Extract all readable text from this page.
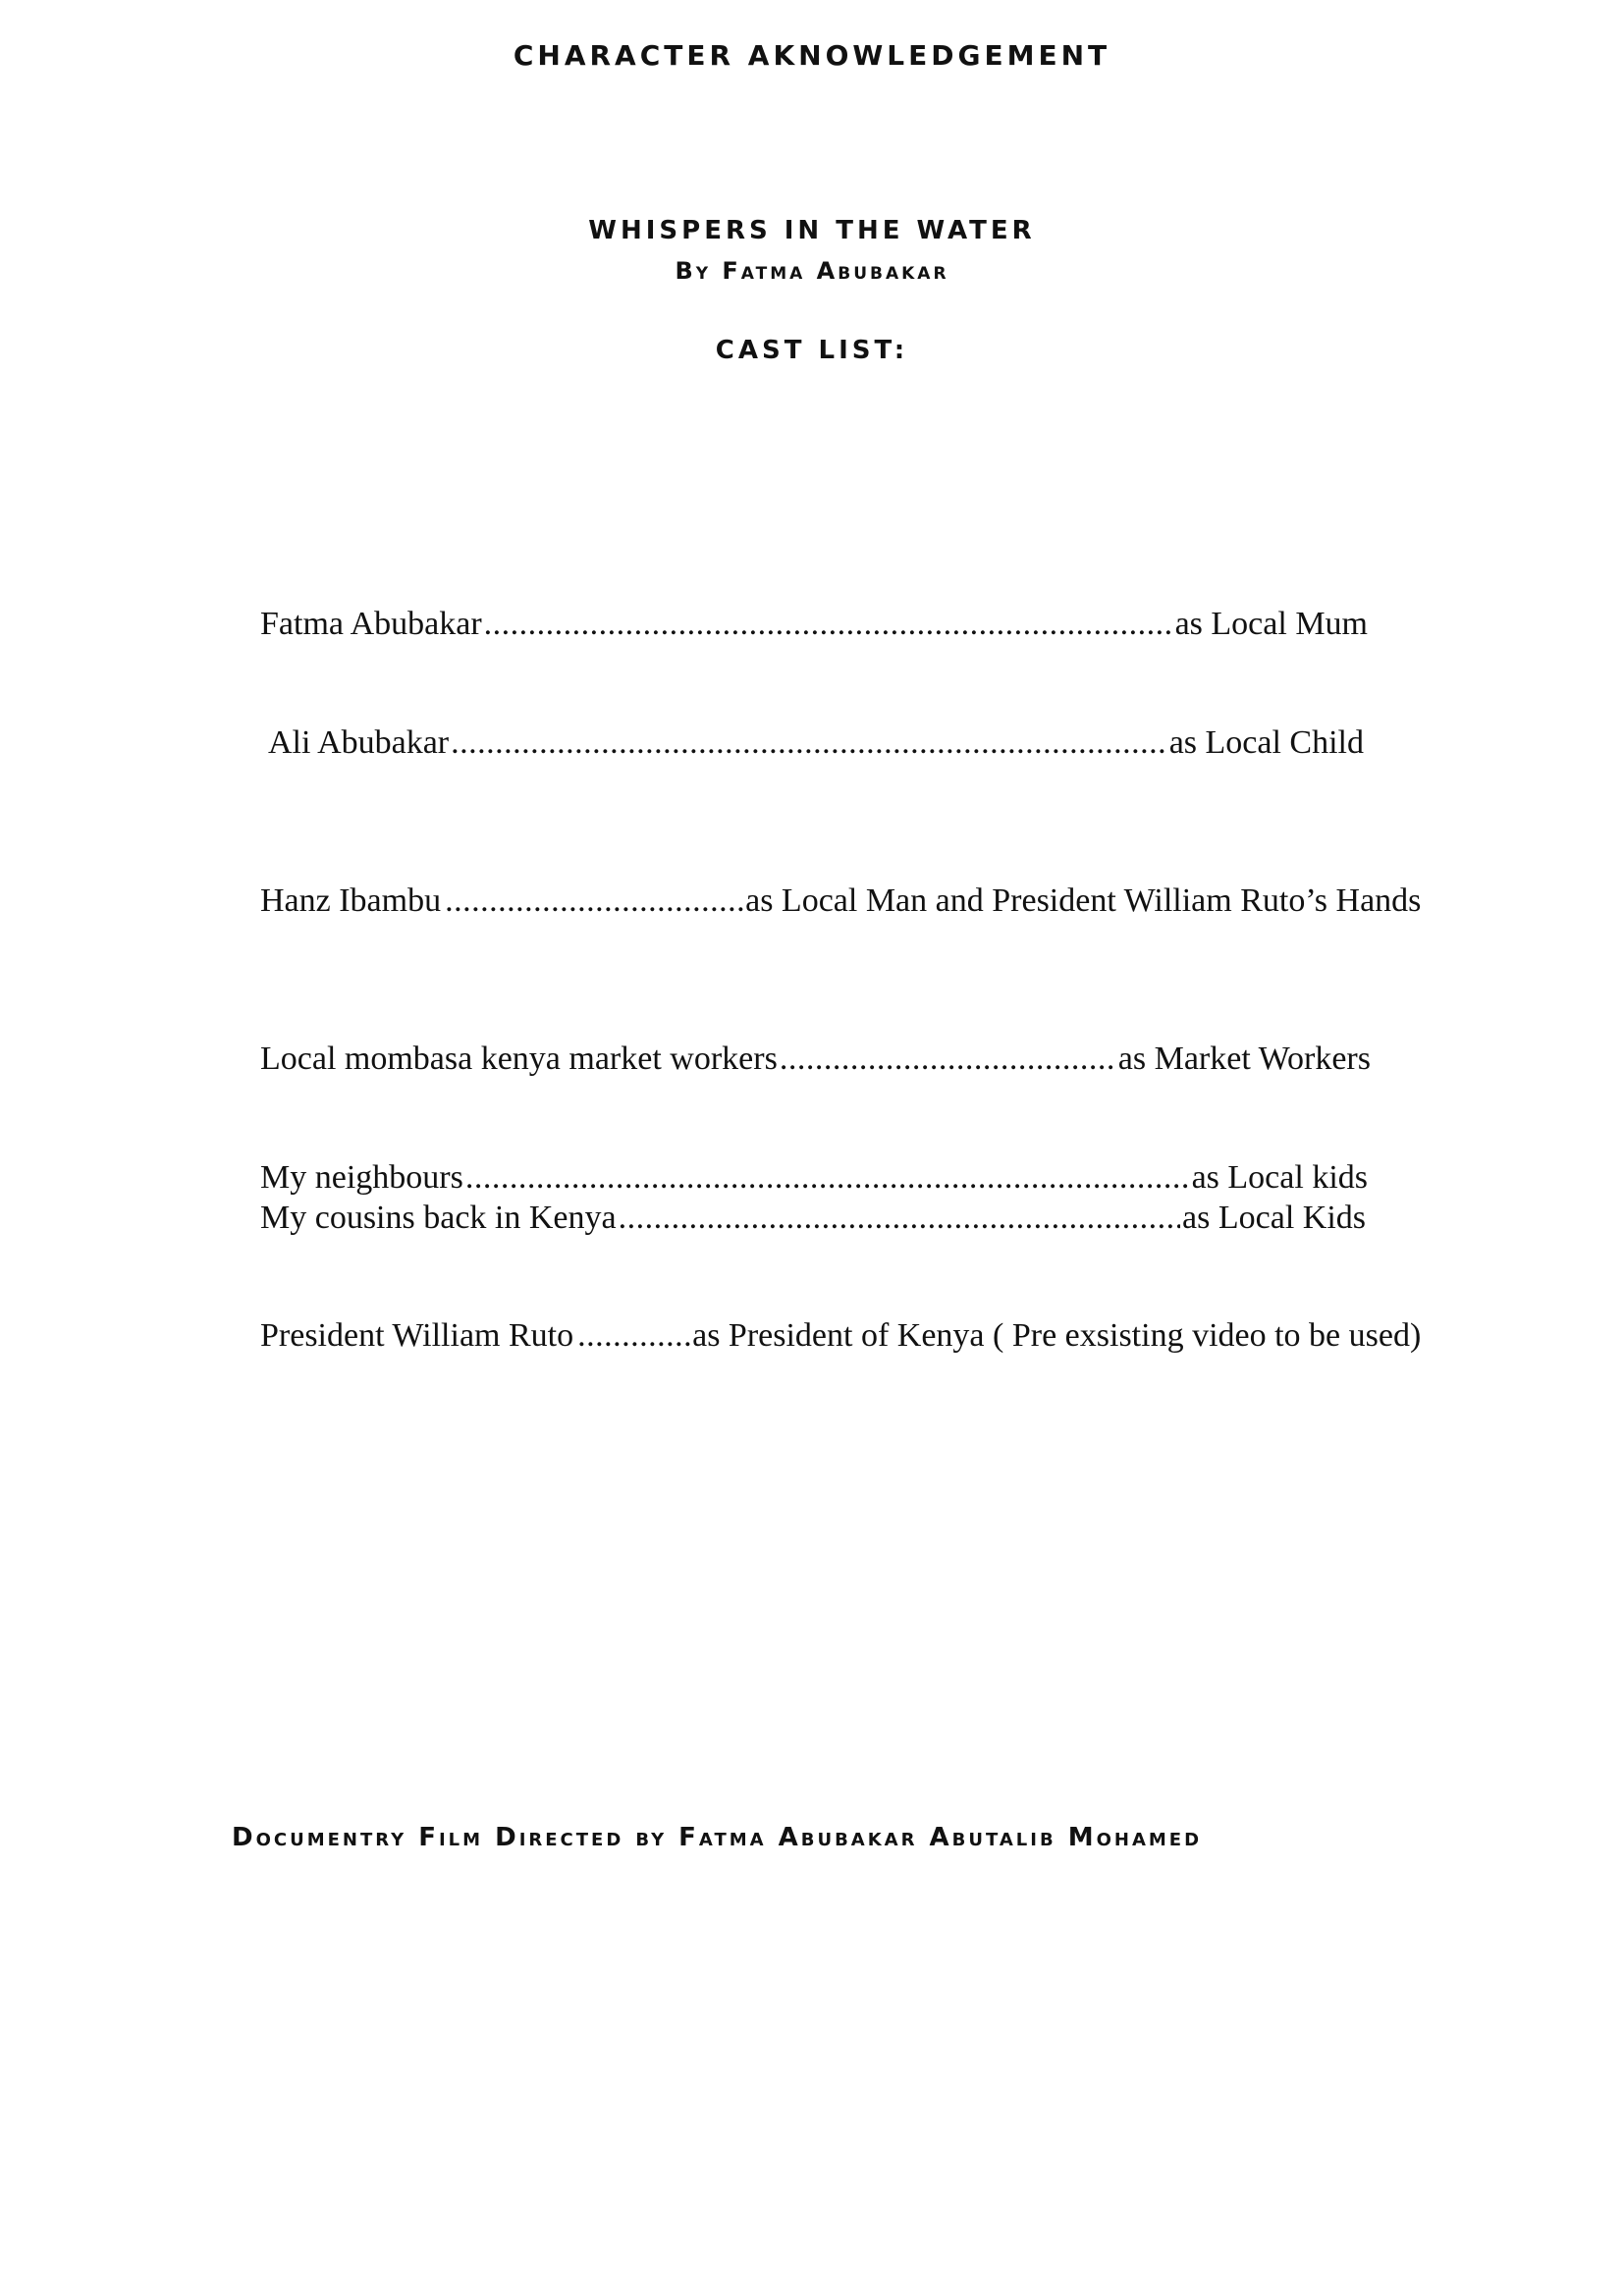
CHARACTER AKNOWLEDGEMENT
WHISPERS IN THE WATER
By Fatma Abubakar
CAST LIST:
Fatma Abubakar .....	as Local Mum
Ali Abubakar .....	as Local Child
Hanz Ibambu .................................. as Local Man and President William Ruto’s Hands
Local mombasa kenya market workers .....	as Market Workers
My neighbours .....	as Local kids
My cousins back in Kenya .....	as Local Kids
President William Ruto ............. as President of Kenya ( Pre exsisting video to be used)
Documentry Film Directed by Fatma Abubakar Abutalib Mohamed
